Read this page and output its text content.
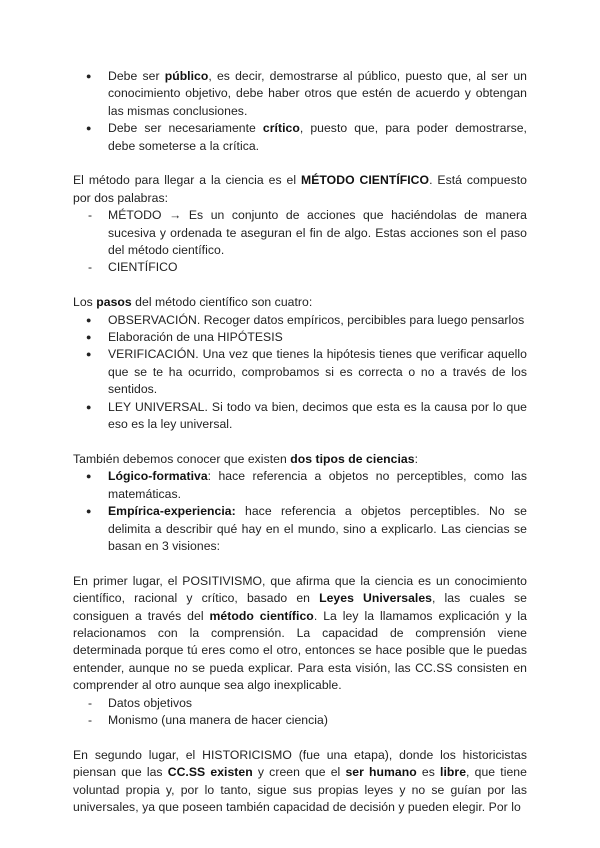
● Debe ser público, es decir, demostrarse al público, puesto que, al ser un conocimiento objetivo, debe haber otros que estén de acuerdo y obtengan las mismas conclusiones.
● Debe ser necesariamente crítico, puesto que, para poder demostrarse, debe someterse a la crítica.

El método para llegar a la ciencia es el MÉTODO CIENTÍFICO. Está compuesto por dos palabras:

- MÉTODO → Es un conjunto de acciones que haciéndolas de manera sucesiva y ordenada te aseguran el fin de algo. Estas acciones son el paso del método científico.
- CIENTÍFICO

Los pasos del método científico son cuatro:

● OBSERVACIÓN. Recoger datos empíricos, percibibles para luego pensarlos
● Elaboración de una HIPÓTESIS
● VERIFICACIÓN. Una vez que tienes la hipótesis tienes que verificar aquello que se te ha ocurrido, comprobamos si es correcta o no a través de los sentidos.
● LEY UNIVERSAL. Si todo va bien, decimos que esta es la causa por lo que eso es la ley universal.

También debemos conocer que existen dos tipos de ciencias:

● Lógico-formativa: hace referencia a objetos no perceptibles, como las matemáticas.
● Empírica-experiencia: hace referencia a objetos perceptibles. No se delimita a describir qué hay en el mundo, sino a explicarlo. Las ciencias se basan en 3 visiones:

En primer lugar, el POSITIVISMO, que afirma que la ciencia es un conocimiento científico, racional y crítico, basado en Leyes Universales, las cuales se consiguen a través del método científico. La ley la llamamos explicación y la relacionamos con la comprensión. La capacidad de comprensión viene determinada porque tú eres como el otro, entonces se hace posible que le puedas entender, aunque no se pueda explicar. Para esta visión, las CC.SS consisten en comprender al otro aunque sea algo inexplicable.

- Datos objetivos
- Monismo (una manera de hacer ciencia)

En segundo lugar, el HISTORICISMO (fue una etapa), donde los historicistas piensan que las CC.SS existen y creen que el ser humano es libre, que tiene voluntad propia y, por lo tanto, sigue sus propias leyes y no se guían por las universales, ya que poseen también capacidad de decisión y pueden elegir. Por lo
